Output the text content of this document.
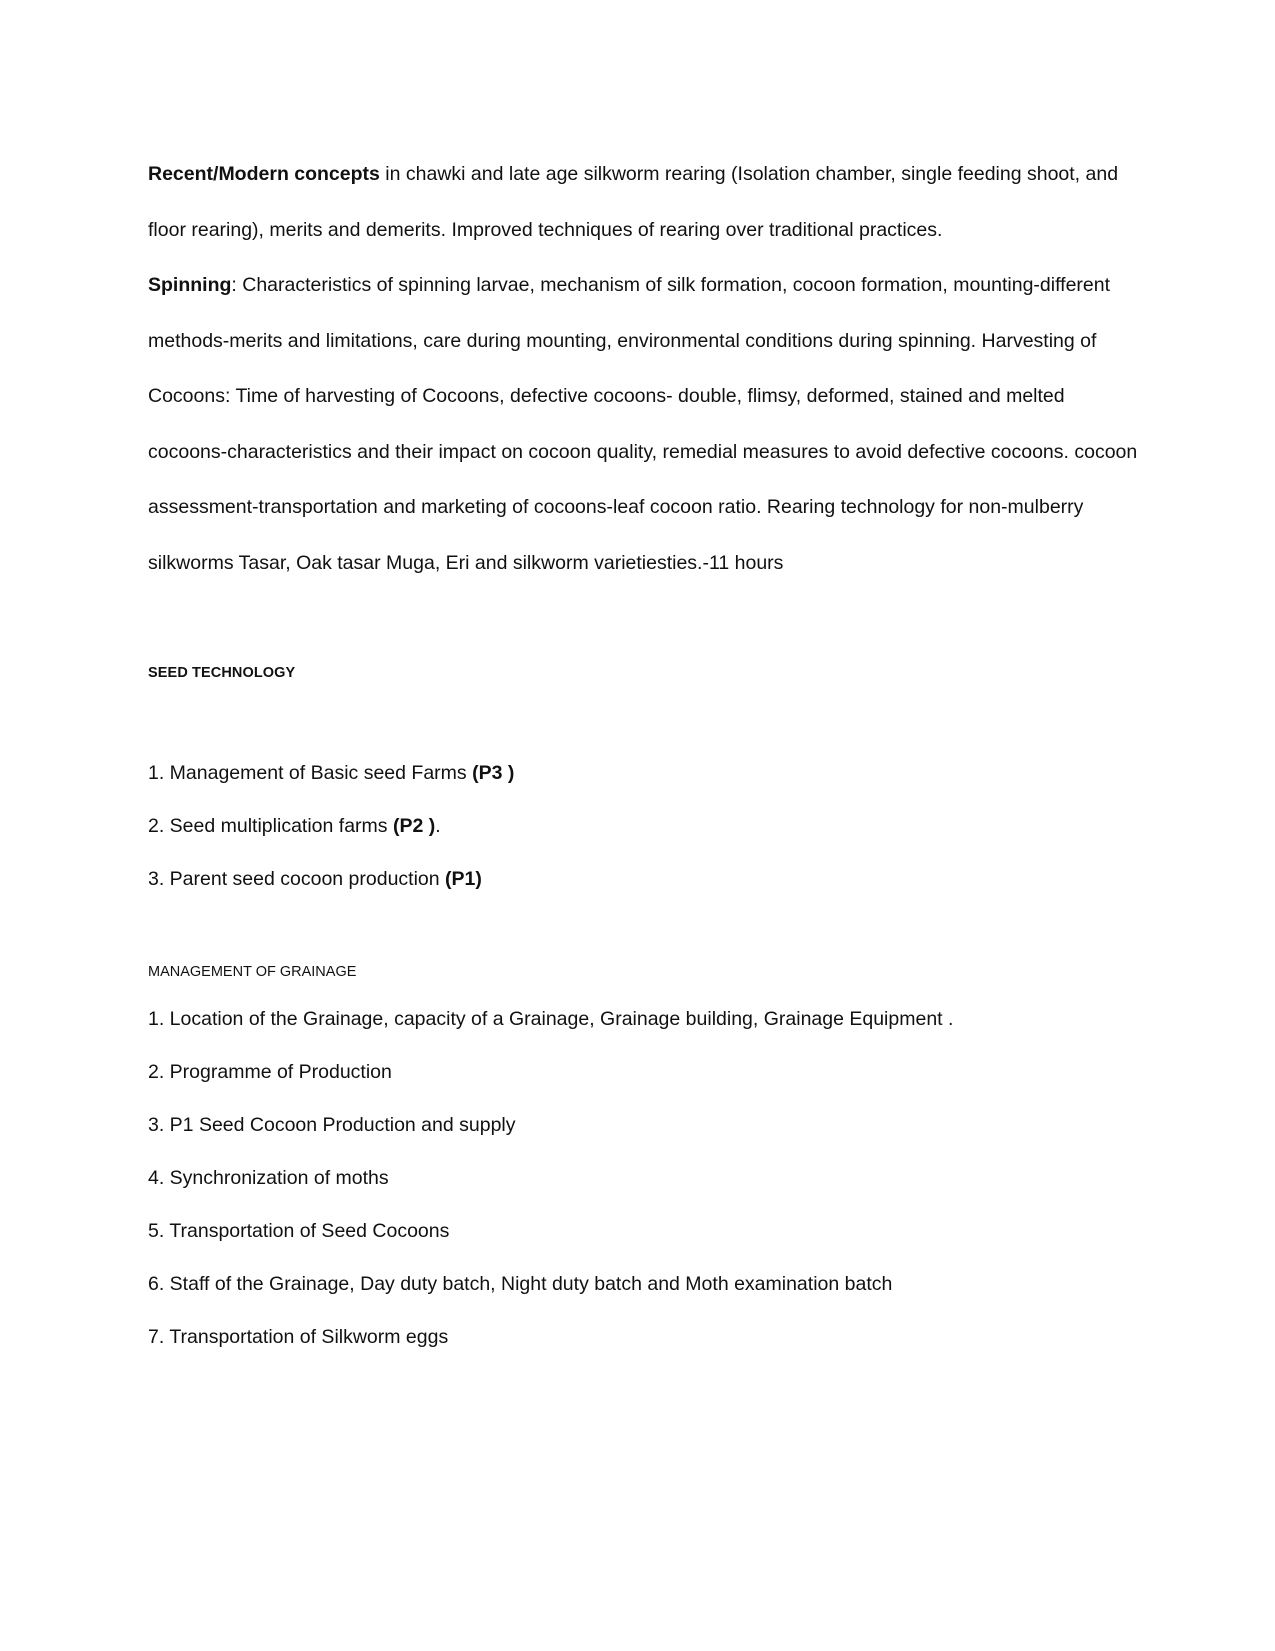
Recent/Modern concepts in chawki and late age silkworm rearing (Isolation chamber, single feeding shoot, and floor rearing), merits and demerits. Improved techniques of rearing over traditional practices.
Spinning: Characteristics of spinning larvae, mechanism of silk formation, cocoon formation, mounting-different methods-merits and limitations, care during mounting, environmental conditions during spinning. Harvesting of Cocoons: Time of harvesting of Cocoons, defective cocoons- double, flimsy, deformed, stained and melted cocoons-characteristics and their impact on cocoon quality, remedial measures to avoid defective cocoons. cocoon assessment-transportation and marketing of cocoons-leaf cocoon ratio. Rearing technology for non-mulberry silkworms Tasar, Oak tasar Muga, Eri and silkworm varietiesties.-11 hours
SEED TECHNOLOGY
1. Management of Basic seed Farms (P3 )
2. Seed multiplication farms (P2 ).
3. Parent seed cocoon production (P1)
MANAGEMENT OF GRAINAGE
1. Location of the Grainage, capacity of a Grainage, Grainage building, Grainage Equipment .
2. Programme of Production
3. P1 Seed Cocoon Production and supply
4. Synchronization of moths
5. Transportation of Seed Cocoons
6. Staff of the Grainage, Day duty batch, Night duty batch and Moth examination batch
7. Transportation of Silkworm eggs
